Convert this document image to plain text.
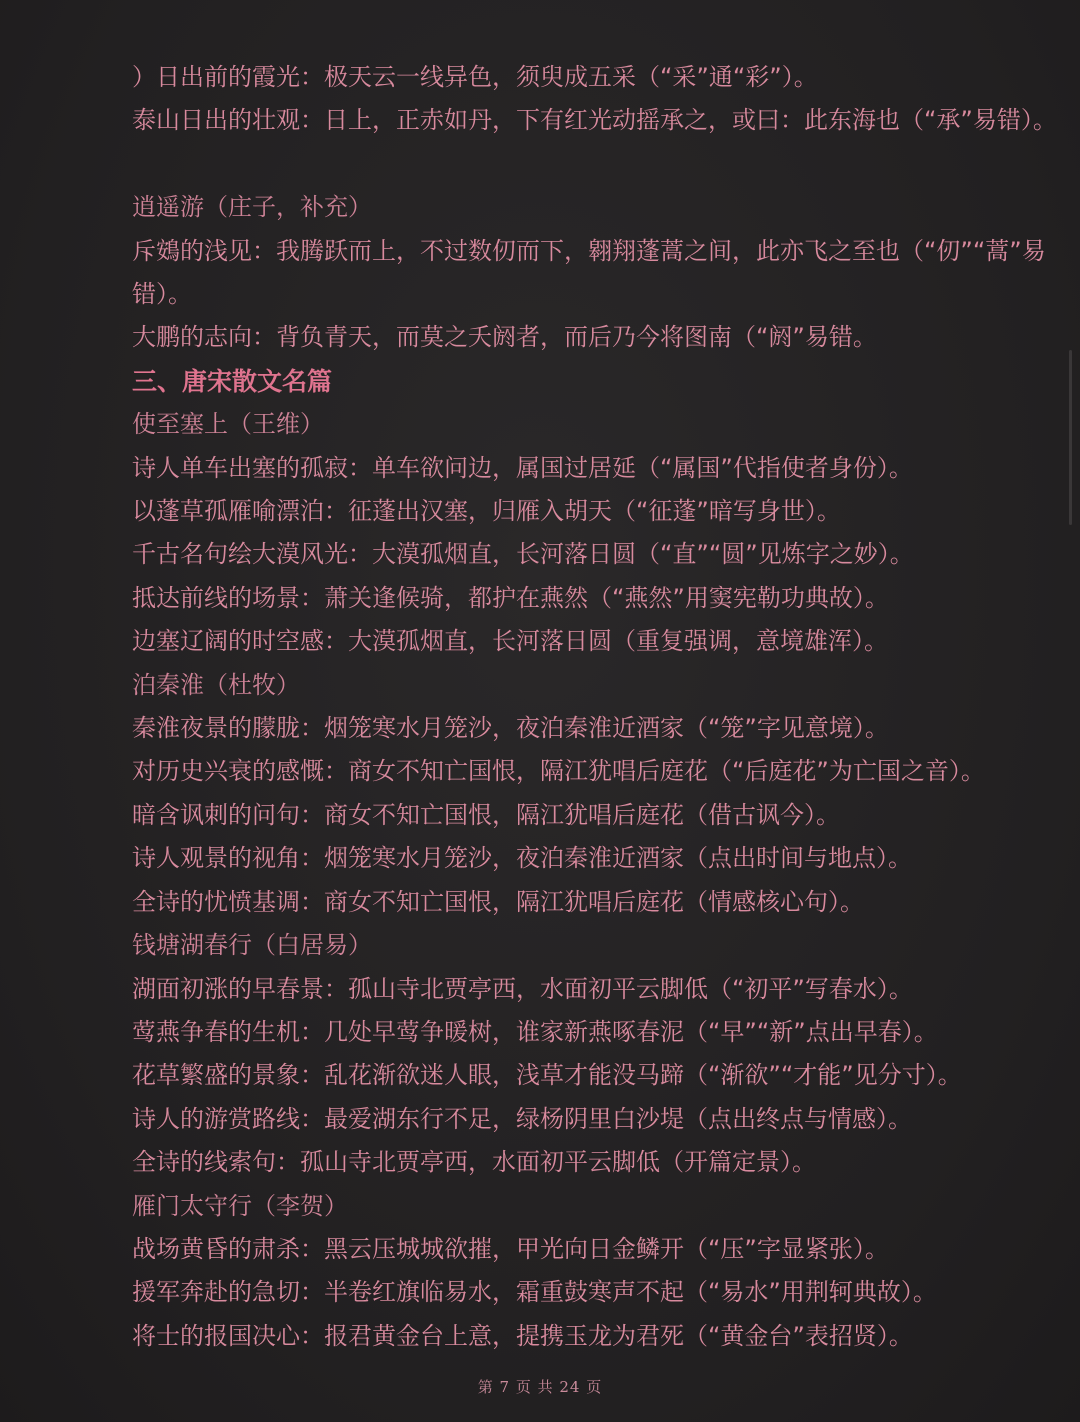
）日出前的霞光：极天云一线异色，须臾成五采（“采”通“彩”）。
泰山日出的壮观：日上，正赤如丹，下有红光动摇承之，或曰：此东海也（“承”易错）。
逍遥游（庄子，补充）
斥鴳的浅见：我腾跃而上，不过数仞而下，翱翔蓬蒿之间，此亦飞之至也（“仞”“蒿”易错）。
大鹏的志向：背负青天，而莫之夭阏者，而后乃今将图南（“阏”易错。
三、唐宋散文名篇
使至塞上（王维）
诗人单车出塞的孤寂：单车欲问边，属国过居延（“属国”代指使者身份）。
以蓬草孤雁喻漂泊：征蓬出汉塞，归雁入胡天（“征蓬”暗写身世）。
千古名句绘大漠风光：大漠孤烟直，长河落日圆（“直”“圆”见炼字之妙）。
抵达前线的场景：萧关逢候骑，都护在燕然（“燕然”用窦宪勒功典故）。
边塞辽阔的时空感：大漠孤烟直，长河落日圆（重复强调，意境雄浑）。
泊秦淮（杜牧）
秦淮夜景的朦胧：烟笼寒水月笼沙，夜泊秦淮近酒家（“笼”字见意境）。
对历史兴衰的感慨：商女不知亡国恨，隔江犹唱后庭花（“后庭花”为亡国之音）。
暗含讽刺的问句：商女不知亡国恨，隔江犹唱后庭花（借古讽今）。
诗人观景的视角：烟笼寒水月笼沙，夜泊秦淮近酒家（点出时间与地点）。
全诗的忧愤基调：商女不知亡国恨，隔江犹唱后庭花（情感核心句）。
钱塘湖春行（白居易）
湖面初涨的早春景：孤山寺北贾亭西，水面初平云脚低（“初平”写春水）。
莺燕争春的生机：几处早莺争暖树，谁家新燕啄春泥（“早”“新”点出早春）。
花草繁盛的景象：乱花渐欲迷人眼，浅草才能没马蹄（“渐欲”“才能”见分寸）。
诗人的游赏路线：最爱湖东行不足，绿杨阴里白沙堤（点出终点与情感）。
全诗的线索句：孤山寺北贾亭西，水面初平云脚低（开篇定景）。
雁门太守行（李贺）
战场黄昏的肃杀：黑云压城城欲摧，甲光向日金鳞开（“压”字显紧张）。
援军奔赴的急切：半卷红旗临易水，霜重鼓寒声不起（“易水”用荆轲典故）。
将士的报国决心：报君黄金台上意，提携玉龙为君死（“黄金台”表招贤）。
第 7 页 共 24 页
